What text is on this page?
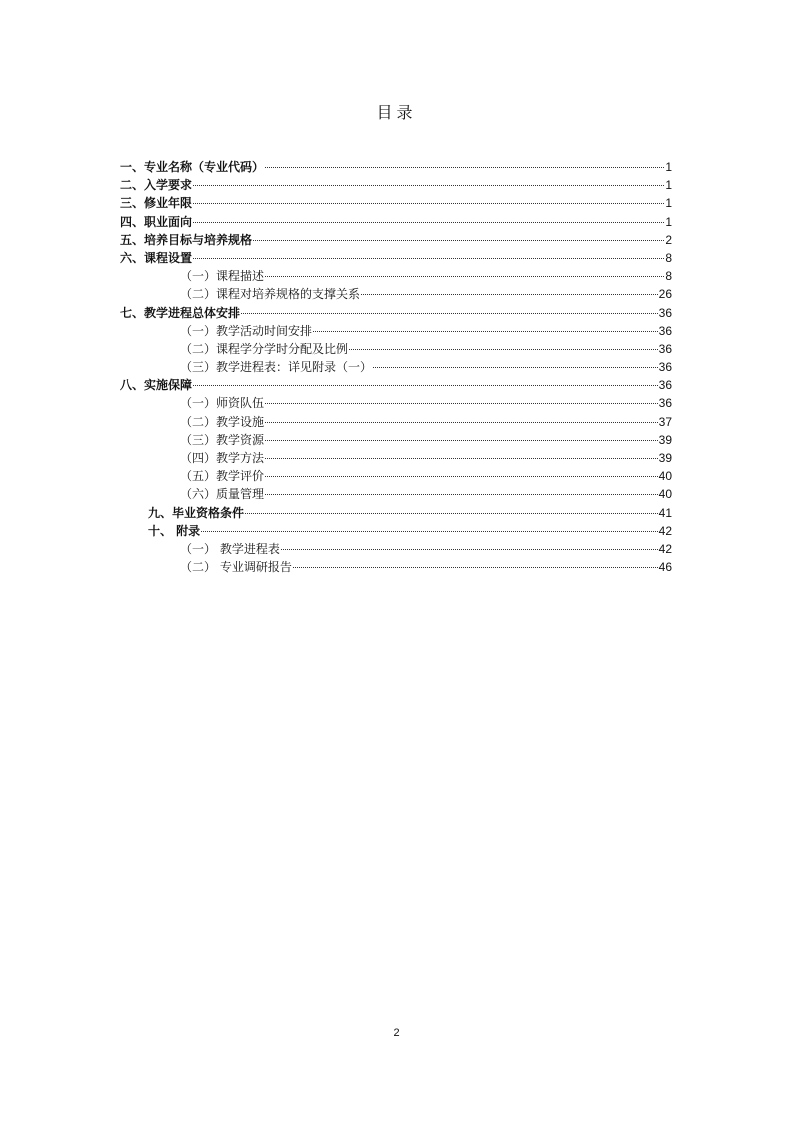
目录
一、专业名称（专业代码）	1
二、入学要求	1
三、修业年限	1
四、职业面向	1
五、培养目标与培养规格	2
六、课程设置	8
（一）课程描述	8
（二）课程对培养规格的支撑关系	26
七、教学进程总体安排	36
（一）教学活动时间安排	36
（二）课程学分学时分配及比例	36
（三）教学进程表：详见附录（一）	36
八、实施保障	36
（一）师资队伍	36
（二）教学设施	37
（三）教学资源	39
（四）教学方法	39
（五）教学评价	40
（六）质量管理	40
九、毕业资格条件	41
十、 附录	42
（一） 教学进程表	42
（二） 专业调研报告	46
2
